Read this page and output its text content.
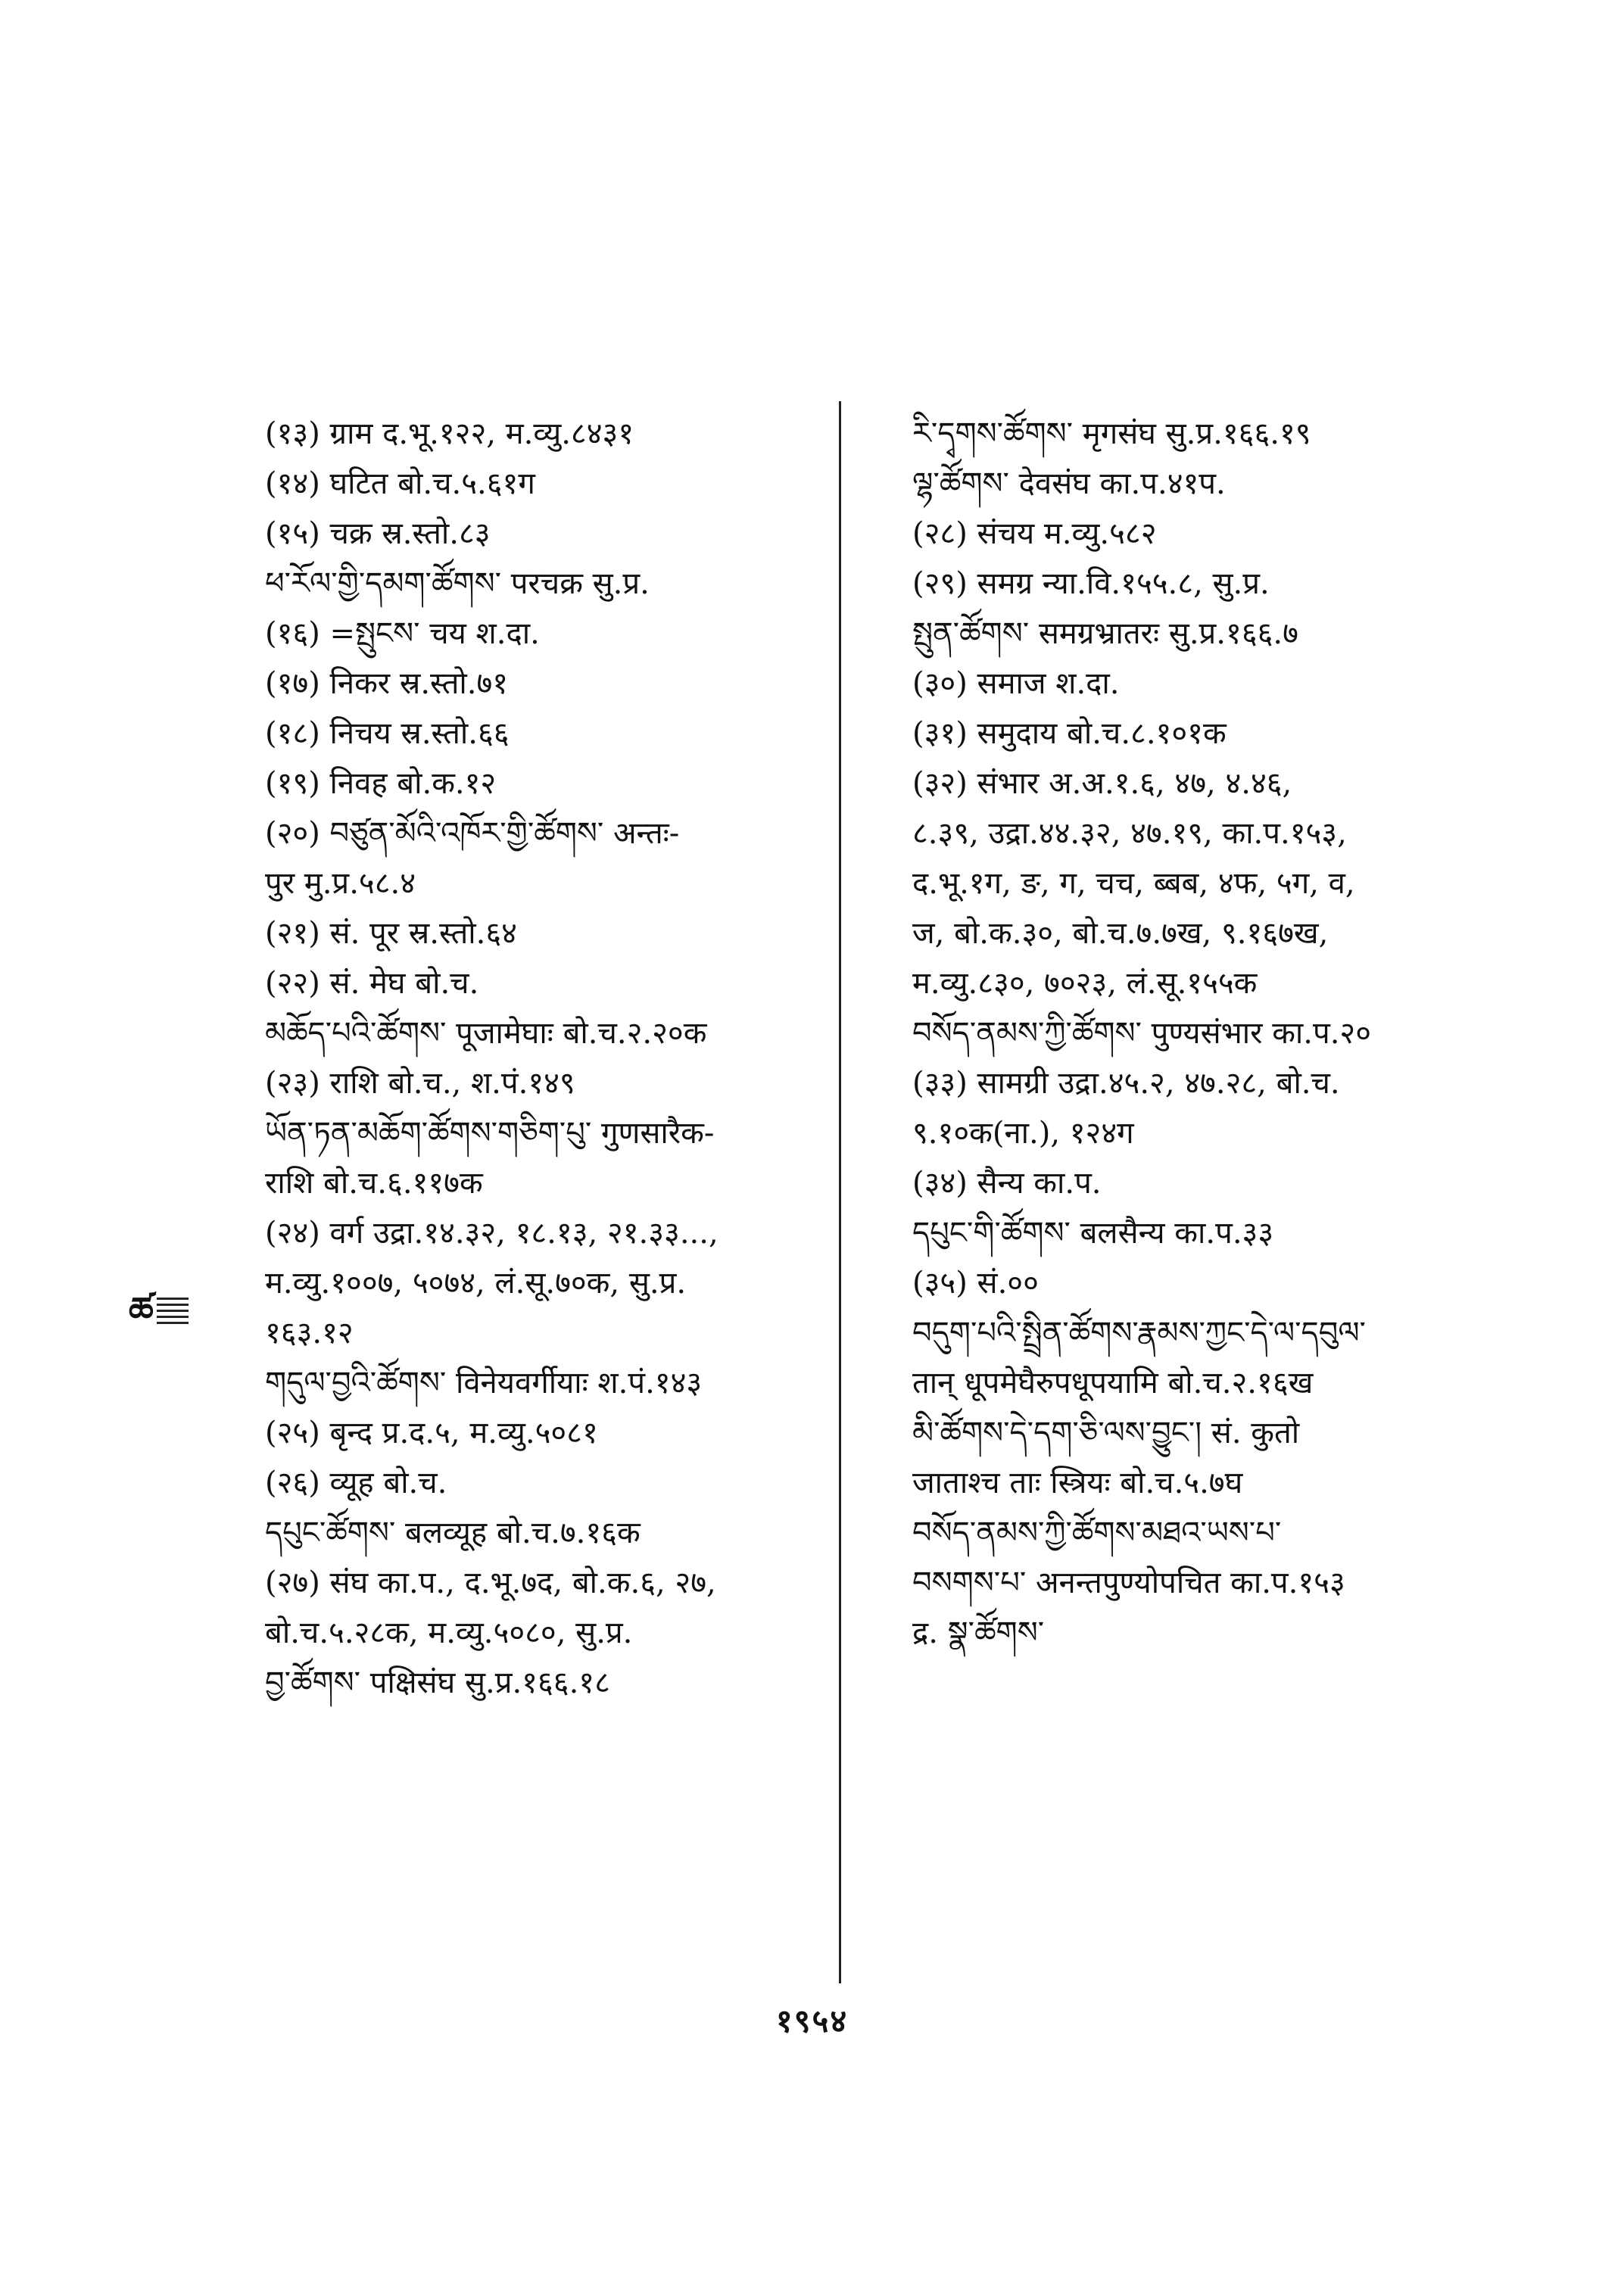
(१३) ग्राम द.भू.१२२, म.व्यु.८४३१
(१४) घटित बो.च.५.६१ग
(१५) चक्र स्र.स्तो.८३
ཕ་རོལ་གྱི་དམག་ཚོགས་ परचक्र सु.प्र.
(१६) =སྤུངས་ चय श.दा.
(१७) निकर स्र.स्तो.७१
(१८) निचय स्र.स्तो.६६
(१९) निवह बो.क.१२
(२०) བཙུན་མོའི་འཁོར་གྱི་ཚོགས་ अन्तः-
पुर मु.प्र.५८.४
(२१) सं. पूर स्र.स्तो.६४
(२२) सं. मेघ बो.च.
མཆོད་པའི་ཚོགས་ पूजामेघाः बो.च.२.२०क
(२३) राशि बो.च., श.पं.१४९
ཡོན་ཏན་མཆོག་ཚོགས་གཅིག་པུ་ गुणसारैक-
राशि बो.च.६.११७क
(२४) वर्ग उद्रा.१४.३२, १८.१३, २१.३३...,
म.व्यु.१००७, ५०७४, लं.सू.७०क, सु.प्र.
१६३.१२
གདུལ་བྱའི་ཚོགས་ विनेयवर्गीयाः श.पं.१४३
(२५) बृन्द प्र.द.५, म.व्यु.५०८१
(२६) व्यूह बो.च.
དཔུང་ཚོགས་ बलव्यूह बो.च.७.१६क
(२७) संघ का.प., द.भू.७द, बो.क.६, २७,
बो.च.५.२८क, म.व्यु.५०८०, सु.प्र.
བྱ་ཚོགས་ पक्षिसंघ सु.प्र.१६६.१८
རི་དྭགས་ཚོགས་ मृगसंघ सु.प्र.१६६.१९
ལྷ་ཚོགས་ देवसंघ का.प.४१प.
(२८) संचय म.व्यु.५८२
(२९) समग्र न्या.वि.१५५.८, सु.प्र.
སྤུན་ཚོགས་ समग्रभ्रातरः सु.प्र.१६६.७
(३०) समाज श.दा.
(३१) समुदाय बो.च.८.१०१क
(३२) संभार अ.अ.१.६, ४७, ४.४६,
८.३९, उद्रा.४४.३२, ४७.१९, का.प.१५३,
द.भू.१ग, ङ, ग, चच, ब्बब, ४फ, ५ग, व,
ज, बो.क.३०, बो.च.७.७ख, ९.१६७ख,
म.व्यु.८३०, ७०२३, लं.सू.१५५क
བསོད་ནམས་ཀྱི་ཚོགས་ पुण्यसंभार का.प.२०
(३३) सामग्री उद्रा.४५.२, ४७.२८, बो.च.
९.१०क(ना.), १२४ग
(३४) सैन्य का.प.
དཔུང་གི་ཚོགས་ बलसैन्य का.प.३३
(३५) सं.००
བདུག་པའི་སྤྲིན་ཚོགས་རྣམས་ཀྱང་དེ་ལ་དབུལ་
तान् धूपमेघैरुपधूपयामि बो.च.२.१६ख
མི་ཚོགས་དེ་དག་ཅི་ལས་བྱུང་། सं. कुतो
जाताश्च ताः स्त्रियः बो.च.५.७घ
བསོད་ནམས་ཀྱི་ཚོགས་མཐའ་ཡས་པ་
བསགས་པ་ अनन्तपुण्योपचित का.प.१५३
द्र. སྣ་ཚོགས་
ཚ
१९५४
